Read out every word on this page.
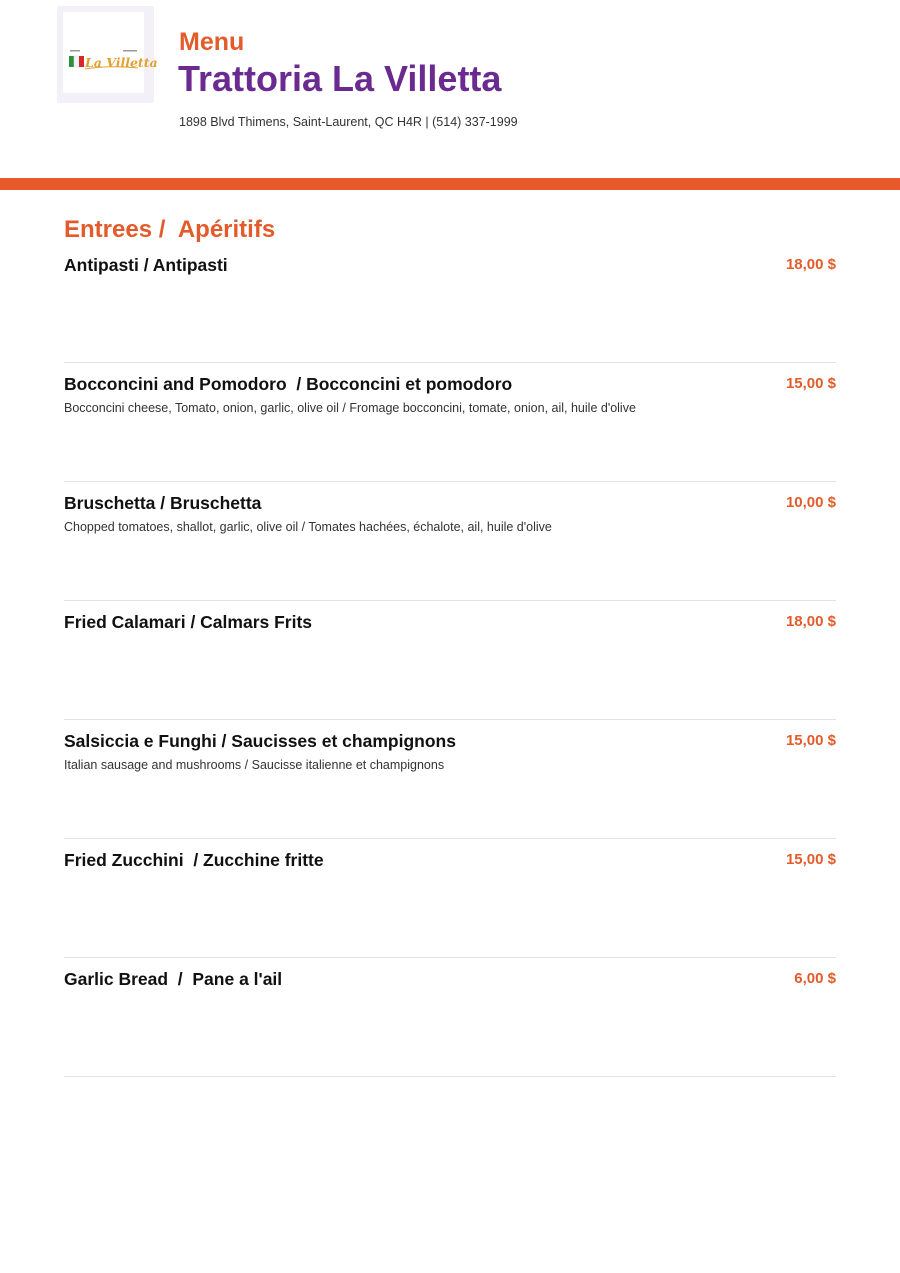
La Villetta
Menu
Trattoria La Villetta
1898 Blvd Thimens, Saint-Laurent, QC H4R | (514) 337-1999
Entrees /  Apéritifs
Antipasti / Antipasti	18,00 $
Bocconcini and Pomodoro  / Bocconcini et pomodoro	15,00 $
Bocconcini cheese, Tomato, onion, garlic, olive oil / Fromage bocconcini, tomate, onion, ail, huile d'olive
Bruschetta / Bruschetta	10,00 $
Chopped tomatoes, shallot, garlic, olive oil / Tomates hachées, échalote, ail, huile d'olive
Fried Calamari / Calmars Frits	18,00 $
Salsiccia e Funghi / Saucisses et champignons	15,00 $
Italian sausage and mushrooms / Saucisse italienne et champignons
Fried Zucchini  / Zucchine fritte	15,00 $
Garlic Bread  /  Pane a l'ail	6,00 $
